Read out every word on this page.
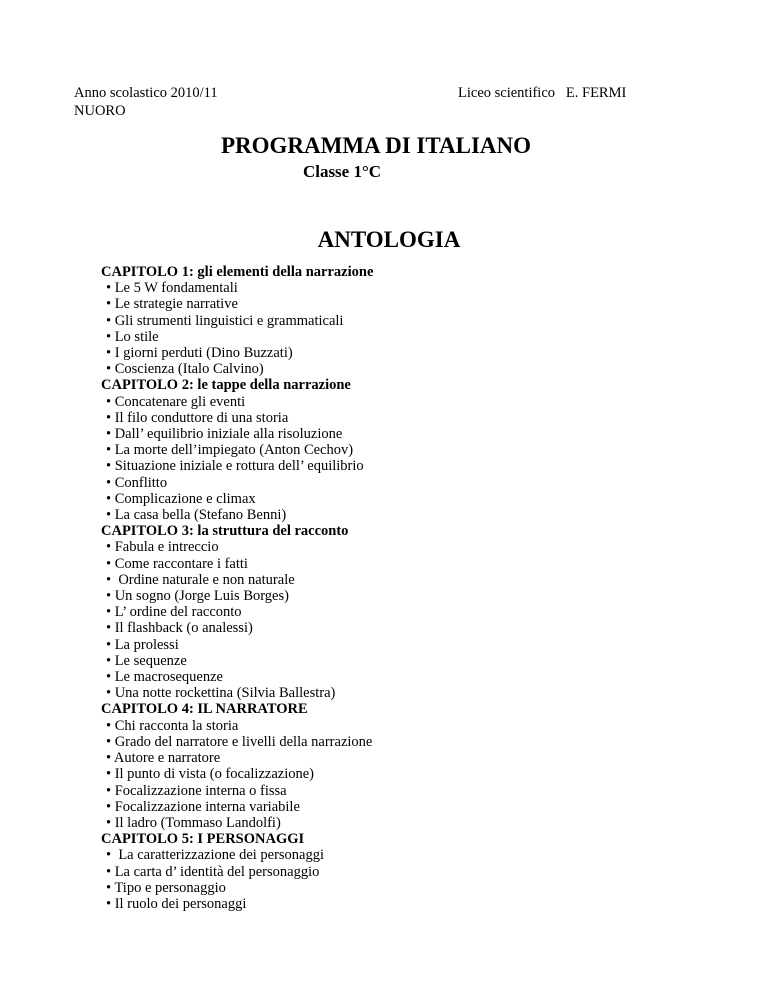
Anno scolastico 2010/11
NUORO
Liceo scientifico   E. FERMI
PROGRAMMA DI ITALIANO
Classe 1°C
ANTOLOGIA
CAPITOLO 1: gli elementi della narrazione
• Le 5 W fondamentali
• Le strategie narrative
• Gli strumenti linguistici e grammaticali
• Lo stile
• I giorni perduti (Dino Buzzati)
• Coscienza (Italo Calvino)
CAPITOLO 2: le tappe della narrazione
• Concatenare gli eventi
• Il filo conduttore di una storia
• Dall’ equilibrio iniziale alla risoluzione
• La morte dell’impiegato (Anton Cechov)
• Situazione iniziale e rottura dell’ equilibrio
• Conflitto
• Complicazione e climax
• La casa bella (Stefano Benni)
CAPITOLO 3: la struttura del racconto
• Fabula e intreccio
• Come raccontare i fatti
•  Ordine naturale e non naturale
• Un sogno (Jorge Luis Borges)
• L’ ordine del racconto
• Il flashback (o analessi)
• La prolessi
• Le sequenze
• Le macrosequenze
• Una notte rockettina (Silvia Ballestra)
CAPITOLO 4: IL NARRATORE
• Chi racconta la storia
• Grado del narratore e livelli della narrazione
• Autore e narratore
• Il punto di vista (o focalizzazione)
• Focalizzazione interna o fissa
• Focalizzazione interna variabile
• Il ladro (Tommaso Landolfi)
CAPITOLO 5: I PERSONAGGI
•  La caratterizzazione dei personaggi
• La carta d’ identità del personaggio
• Tipo e personaggio
• Il ruolo dei personaggi
